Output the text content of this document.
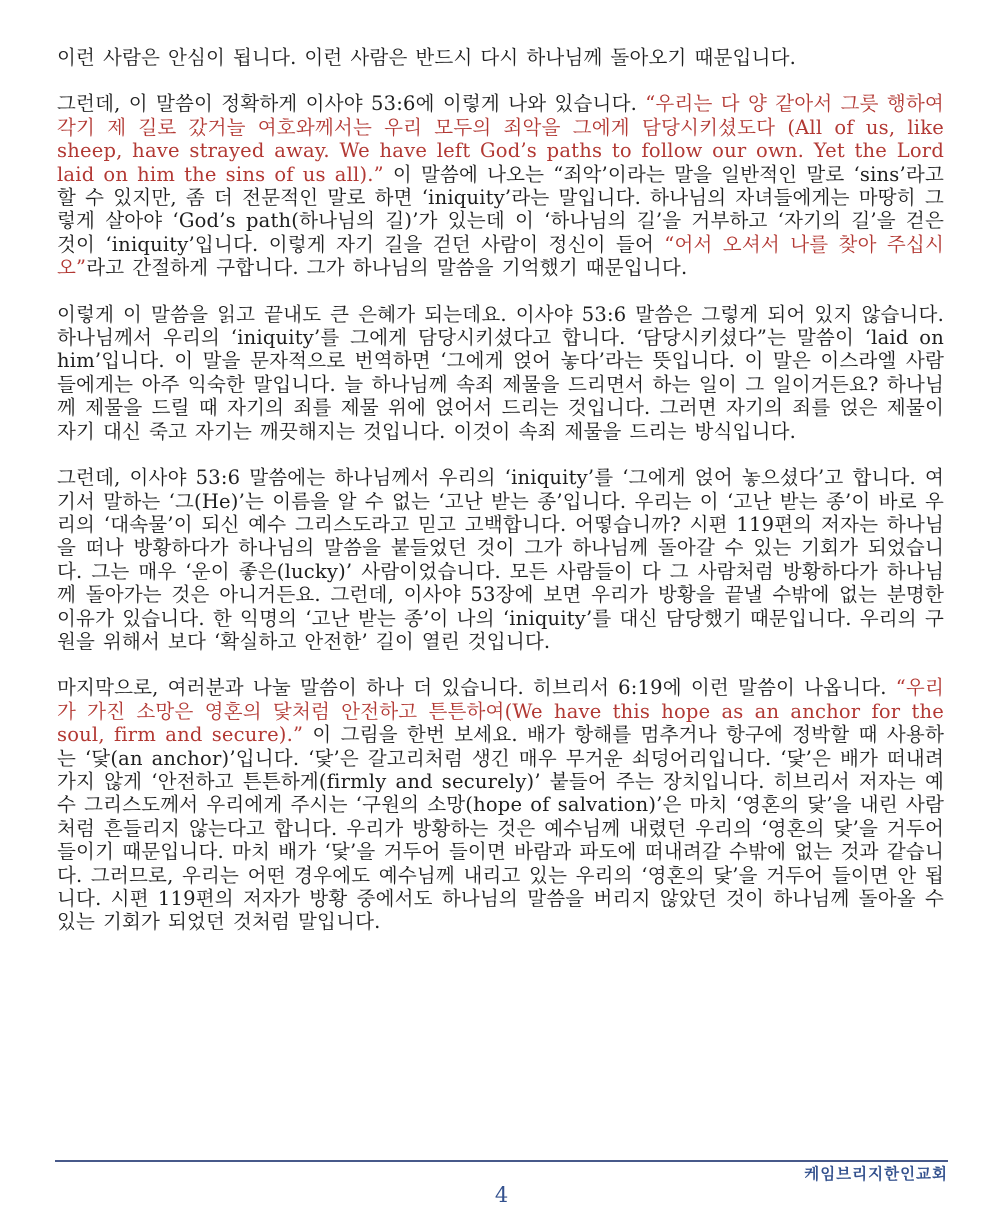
이런 사람은 안심이 됩니다. 이런 사람은 반드시 다시 하나님께 돌아오기 때문입니다.

그런데, 이 말씀이 정확하게 이사야 53:6에 이렇게 나와 있습니다. “우리는 다 양 같아서 그릇 행하여 각기 제 길로 갔거늘 여호와께서는 우리 모두의 죄악을 그에게 담당시키셨도다 (All of us, like sheep, have strayed away. We have left God’s paths to follow our own. Yet the Lord laid on him the sins of us all).” 이 말씀에 나오는 “죄악’이라는 말을 일반적인 말로 ‘sins’라고 할 수 있지만, 좀 더 전문적인 말로 하면 ‘iniquity’라는 말입니다. 하나님의 자녀들에게는 마땅히 그렇게 살아야 ‘God’s path(하나님의 길)’가 있는데 이 ‘하나님의 길’을 거부하고 ‘자기의 길’을 걷은 것이 ‘iniquity’입니다. 이렇게 자기 길을 걷던 사람이 정신이 들어 “어서 오셔서 나를 찾아 주십시오”라고 간절하게 구합니다. 그가 하나님의 말씀을 기억했기 때문입니다.

이렇게 이 말씀을 읽고 끝내도 큰 은혜가 되는데요. 이사야 53:6 말씀은 그렇게 되어 있지 않습니다. 하나님께서 우리의 ‘iniquity’를 그에게 담당시키셨다고 합니다. ‘담당시키셨다”는 말씀이 ‘laid on him’입니다. 이 말을 문자적으로 번역하면 ‘그에게 얹어 놓다’라는 뜻입니다. 이 말은 이스라엘 사람들에게는 아주 익숙한 말입니다. 늘 하나님께 속죄 제물을 드리면서 하는 일이 그 일이거든요? 하나님께 제물을 드릴 때 자기의 죄를 제물 위에 얹어서 드리는 것입니다. 그러면 자기의 죄를 얹은 제물이 자기 대신 죽고 자기는 깨끗해지는 것입니다. 이것이 속죄 제물을 드리는 방식입니다.

그런데, 이사야 53:6 말씀에는 하나님께서 우리의 ‘iniquity’를 ‘그에게 얹어 놓으셨다’고 합니다. 여기서 말하는 ‘그(He)’는 이름을 알 수 없는 ‘고난 받는 종’입니다. 우리는 이 ‘고난 받는 종’이 바로 우리의 ‘대속물’이 되신 예수 그리스도라고 믿고 고백합니다. 어떻습니까? 시편 119편의 저자는 하나님을 떠나 방황하다가 하나님의 말씀을 붙들었던 것이 그가 하나님께 돌아갈 수 있는 기회가 되었습니다. 그는 매우 ‘운이 좋은(lucky)’ 사람이었습니다. 모든 사람들이 다 그 사람처럼 방황하다가 하나님께 돌아가는 것은 아니거든요. 그런데, 이사야 53장에 보면 우리가 방황을 끝낼 수밖에 없는 분명한 이유가 있습니다. 한 익명의 ‘고난 받는 종’이 나의 ‘iniquity’를 대신 담당했기 때문입니다. 우리의 구원을 위해서 보다 ‘확실하고 안전한’ 길이 열린 것입니다.

마지막으로, 여러분과 나눌 말씀이 하나 더 있습니다. 히브리서 6:19에 이런 말씀이 나옵니다. “우리가 가진 소망은 영혼의 닻처럼 안전하고 튼튼하여(We have this hope as an anchor for the soul, firm and secure).” 이 그림을 한번 보세요. 배가 항해를 멈추거나 항구에 정박할 때 사용하는 ‘닻(an anchor)’입니다. ‘닻’은 갈고리처럼 생긴 매우 무거운 쇠덩어리입니다. ‘닻’은 배가 떠내려가지 않게 ‘안전하고 튼튼하게(firmly and securely)’ 붙들어 주는 장치입니다. 히브리서 저자는 예수 그리스도께서 우리에게 주시는 ‘구원의 소망(hope of salvation)’은 마치 ‘영혼의 닻’을 내린 사람처럼 흔들리지 않는다고 합니다. 우리가 방황하는 것은 예수님께 내렸던 우리의 ‘영혼의 닻’을 거두어 들이기 때문입니다. 마치 배가 ‘닻’을 거두어 들이면 바람과 파도에 떠내려갈 수밖에 없는 것과 같습니다. 그러므로, 우리는 어떤 경우에도 예수님께 내리고 있는 우리의 ‘영혼의 닻’을 거두어 들이면 안 됩니다. 시편 119편의 저자가 방황 중에서도 하나님의 말씀을 버리지 않았던 것이 하나님께 돌아올 수 있는 기회가 되었던 것처럼 말입니다.

케임브리지한인교회
4
